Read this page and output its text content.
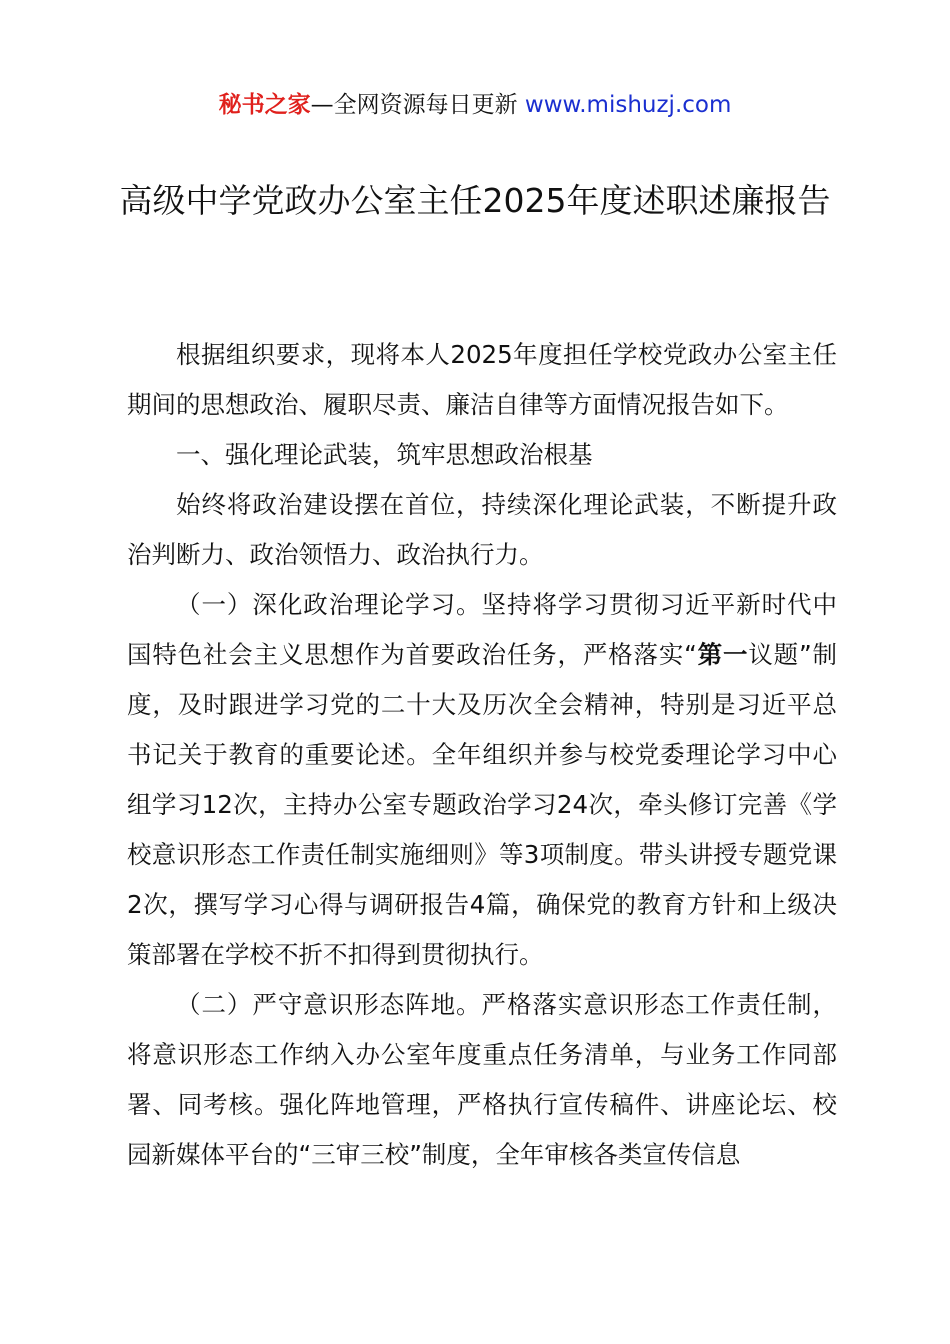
秘书之家—全网资源每日更新 www.mishuzj.com
高级中学党政办公室主任2025年度述职述廉报告

根据组织要求，现将本人2025年度担任学校党政办公室主任期间的思想政治、履职尽责、廉洁自律等方面情况报告如下。

一、强化理论武装，筑牢思想政治根基

始终将政治建设摆在首位，持续深化理论武装，不断提升政治判断力、政治领悟力、政治执行力。

（一）深化政治理论学习。坚持将学习贯彻习近平新时代中国特色社会主义思想作为首要政治任务，严格落实“第一议题”制度，及时跟进学习党的二十大及历次全会精神，特别是习近平总书记关于教育的重要论述。全年组织并参与校党委理论学习中心组学习12次，主持办公室专题政治学习24次，牵头修订完善《学校意识形态工作责任制实施细则》等3项制度。带头讲授专题党课2次，撰写学习心得与调研报告4篇，确保党的教育方针和上级决策部署在学校不折不扣得到贯彻执行。

（二）严守意识形态阵地。严格落实意识形态工作责任制，将意识形态工作纳入办公室年度重点任务清单，与业务工作同部署、同考核。强化阵地管理，严格执行宣传稿件、讲座论坛、校园新媒体平台的“三审三校”制度，全年审核各类宣传信息
